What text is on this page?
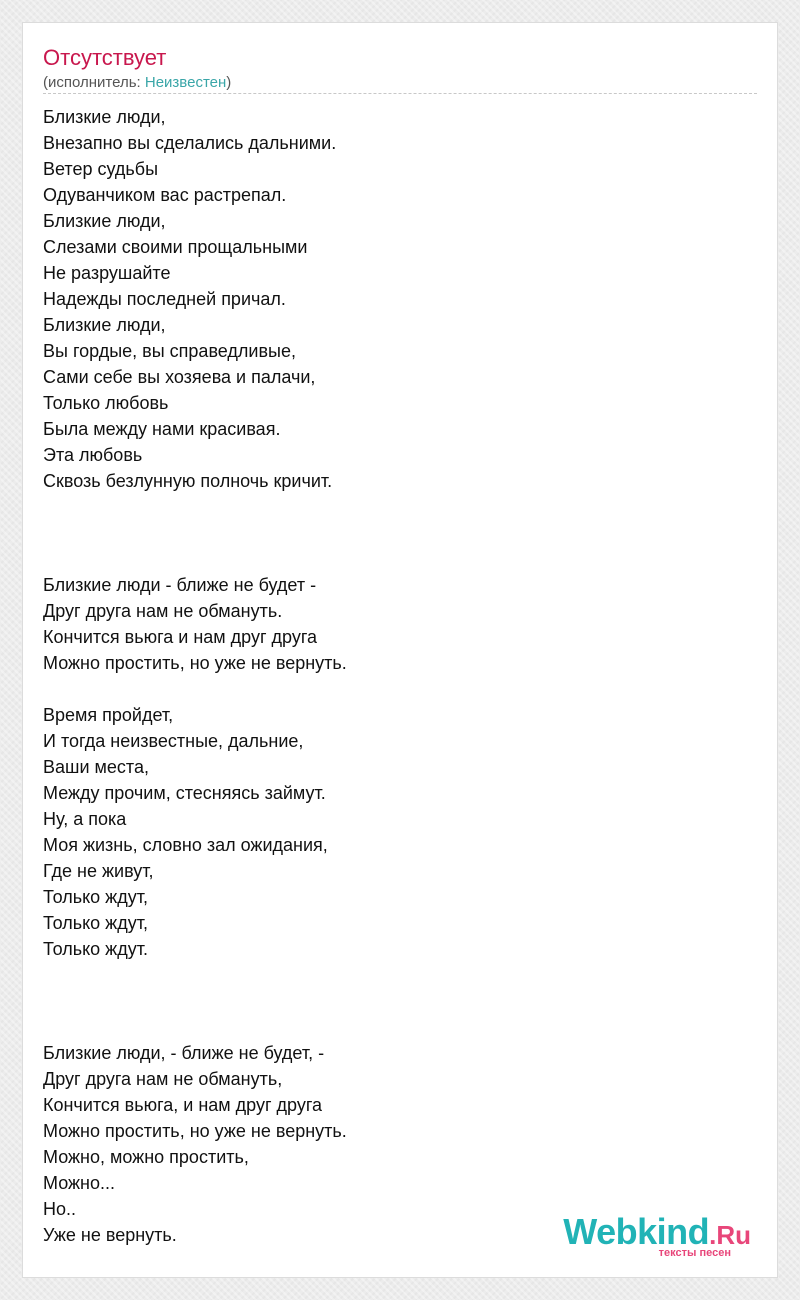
Отсутствует
(исполнитель: Неизвестен)
Близкие люди,
Внезапно вы сделались дальними.
Ветер судьбы
Одуванчиком вас растрепал.
Близкие люди,
Слезами своими прощальными
Не разрушайте
Надежды последней причал.
Близкие люди,
Вы гордые, вы справедливые,
Сами себе вы хозяева и палачи,
Только любовь
Была между нами красивая.
Эта любовь
Сквозь безлунную полночь кричит.
Близкие люди - ближе не будет -
Друг друга нам не обмануть.
Кончится вьюга и нам друг друга
Можно простить, но уже не вернуть.
Время пройдет,
И тогда неизвестные, дальние,
Ваши места,
Между прочим, стесняясь займут.
Ну, а пока
Моя жизнь, словно зал ожидания,
Где не живут,
Только ждут,
Только ждут,
Только ждут.
Близкие люди, - ближе не будет, -
Друг друга нам не обмануть,
Кончится вьюга, и нам друг друга
Можно простить, но уже не вернуть.
Можно, можно простить,
Можно...
Но..
Уже не вернуть.	Webkind.Ru
тексты песен
